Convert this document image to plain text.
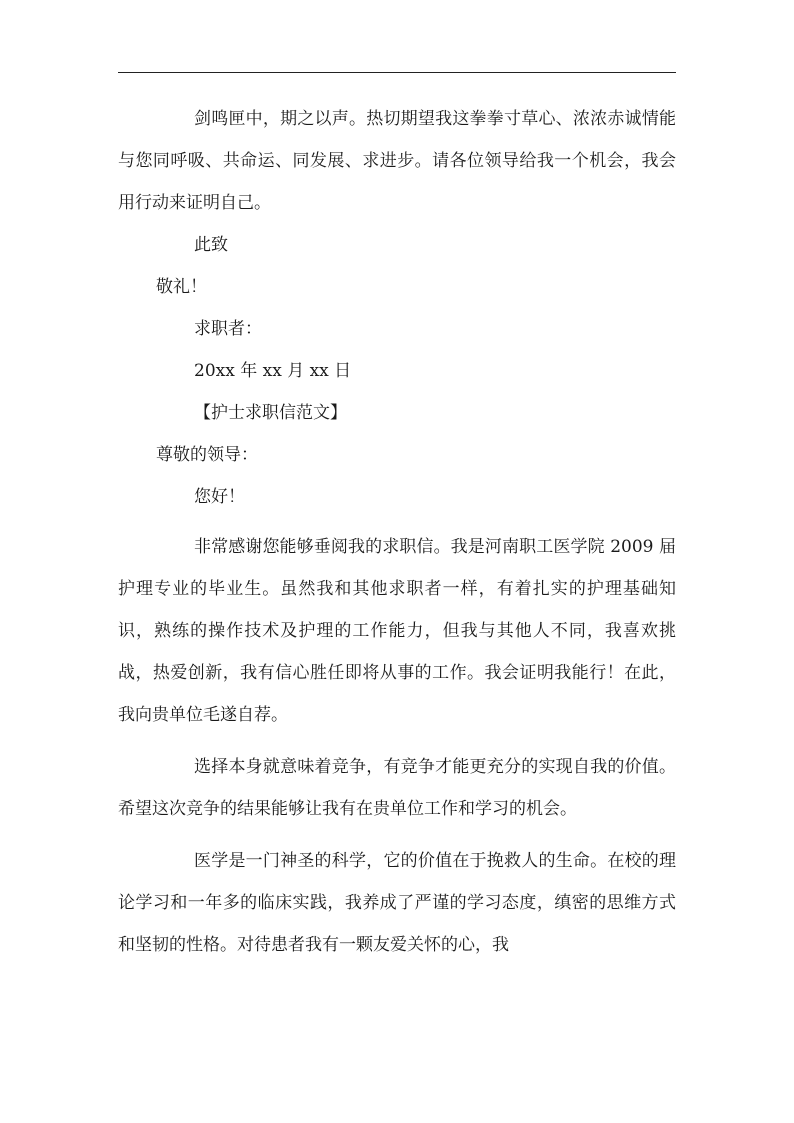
剑鸣匣中，期之以声。热切期望我这拳拳寸草心、浓浓赤诚情能与您同呼吸、共命运、同发展、求进步。请各位领导给我一个机会，我会用行动来证明自己。

此致

敬礼！

求职者：

20xx 年 xx 月 xx 日

【护士求职信范文】

尊敬的领导：

您好！

非常感谢您能够垂阅我的求职信。我是河南职工医学院 2009 届护理专业的毕业生。虽然我和其他求职者一样，有着扎实的护理基础知识，熟练的操作技术及护理的工作能力，但我与其他人不同，我喜欢挑战，热爱创新，我有信心胜任即将从事的工作。我会证明我能行！在此，我向贵单位毛遂自荐。

选择本身就意味着竞争，有竞争才能更充分的实现自我的价值。希望这次竞争的结果能够让我有在贵单位工作和学习的机会。

医学是一门神圣的科学，它的价值在于挽救人的生命。在校的理论学习和一年多的临床实践，我养成了严谨的学习态度，缜密的思维方式和坚韧的性格。对待患者我有一颗友爱关怀的心，我
